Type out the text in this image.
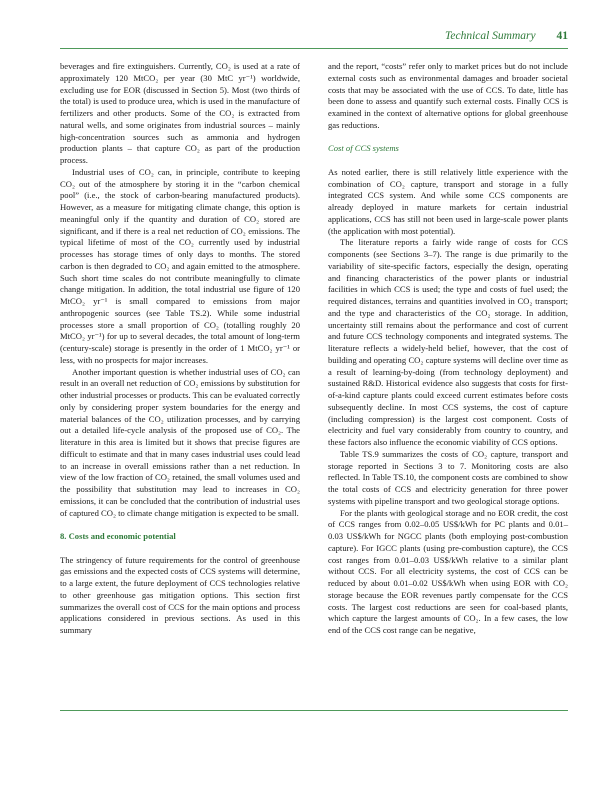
Technical Summary 41

beverages and fire extinguishers. Currently, CO₂ is used at a rate of approximately 120 MtCO₂ per year (30 MtC yr⁻¹) worldwide, excluding use for EOR (discussed in Section 5). Most (two thirds of the total) is used to produce urea, which is used in the manufacture of fertilizers and other products. Some of the CO₂ is extracted from natural wells, and some originates from industrial sources – mainly high-concentration sources such as ammonia and hydrogen production plants – that capture CO₂ as part of the production process.

Industrial uses of CO₂ can, in principle, contribute to keeping CO₂ out of the atmosphere by storing it in the “carbon chemical pool” (i.e., the stock of carbon-bearing manufactured products). However, as a measure for mitigating climate change, this option is meaningful only if the quantity and duration of CO₂ stored are significant, and if there is a real net reduction of CO₂ emissions. The typical lifetime of most of the CO₂ currently used by industrial processes has storage times of only days to months. The stored carbon is then degraded to CO₂ and again emitted to the atmosphere. Such short time scales do not contribute meaningfully to climate change mitigation. In addition, the total industrial use figure of 120 MtCO₂ yr⁻¹ is small compared to emissions from major anthropogenic sources (see Table TS.2). While some industrial processes store a small proportion of CO₂ (totalling roughly 20 MtCO₂ yr⁻¹) for up to several decades, the total amount of long-term (century-scale) storage is presently in the order of 1 MtCO₂ yr⁻¹ or less, with no prospects for major increases.

Another important question is whether industrial uses of CO₂ can result in an overall net reduction of CO₂ emissions by substitution for other industrial processes or products. This can be evaluated correctly only by considering proper system boundaries for the energy and material balances of the CO₂ utilization processes, and by carrying out a detailed life-cycle analysis of the proposed use of CO₂. The literature in this area is limited but it shows that precise figures are difficult to estimate and that in many cases industrial uses could lead to an increase in overall emissions rather than a net reduction. In view of the low fraction of CO₂ retained, the small volumes used and the possibility that substitution may lead to increases in CO₂ emissions, it can be concluded that the contribution of industrial uses of captured CO₂ to climate change mitigation is expected to be small.

8. Costs and economic potential

The stringency of future requirements for the control of greenhouse gas emissions and the expected costs of CCS systems will determine, to a large extent, the future deployment of CCS technologies relative to other greenhouse gas mitigation options. This section first summarizes the overall cost of CCS for the main options and process applications considered in previous sections. As used in this summary

and the report, “costs” refer only to market prices but do not include external costs such as environmental damages and broader societal costs that may be associated with the use of CCS. To date, little has been done to assess and quantify such external costs. Finally CCS is examined in the context of alternative options for global greenhouse gas reductions.

Cost of CCS systems

As noted earlier, there is still relatively little experience with the combination of CO₂ capture, transport and storage in a fully integrated CCS system. And while some CCS components are already deployed in mature markets for certain industrial applications, CCS has still not been used in large-scale power plants (the application with most potential).

The literature reports a fairly wide range of costs for CCS components (see Sections 3–7). The range is due primarily to the variability of site-specific factors, especially the design, operating and financing characteristics of the power plants or industrial facilities in which CCS is used; the type and costs of fuel used; the required distances, terrains and quantities involved in CO₂ transport; and the type and characteristics of the CO₂ storage. In addition, uncertainty still remains about the performance and cost of current and future CCS technology components and integrated systems. The literature reflects a widely-held belief, however, that the cost of building and operating CO₂ capture systems will decline over time as a result of learning-by-doing (from technology deployment) and sustained R&D. Historical evidence also suggests that costs for first-of-a-kind capture plants could exceed current estimates before costs subsequently decline. In most CCS systems, the cost of capture (including compression) is the largest cost component. Costs of electricity and fuel vary considerably from country to country, and these factors also influence the economic viability of CCS options.

Table TS.9 summarizes the costs of CO₂ capture, transport and storage reported in Sections 3 to 7. Monitoring costs are also reflected. In Table TS.10, the component costs are combined to show the total costs of CCS and electricity generation for three power systems with pipeline transport and two geological storage options.

For the plants with geological storage and no EOR credit, the cost of CCS ranges from 0.02–0.05 US$/kWh for PC plants and 0.01–0.03 US$/kWh for NGCC plants (both employing post-combustion capture). For IGCC plants (using pre-combustion capture), the CCS cost ranges from 0.01–0.03 US$/kWh relative to a similar plant without CCS. For all electricity systems, the cost of CCS can be reduced by about 0.01–0.02 US$/kWh when using EOR with CO₂ storage because the EOR revenues partly compensate for the CCS costs. The largest cost reductions are seen for coal-based plants, which capture the largest amounts of CO₂. In a few cases, the low end of the CCS cost range can be negative,
